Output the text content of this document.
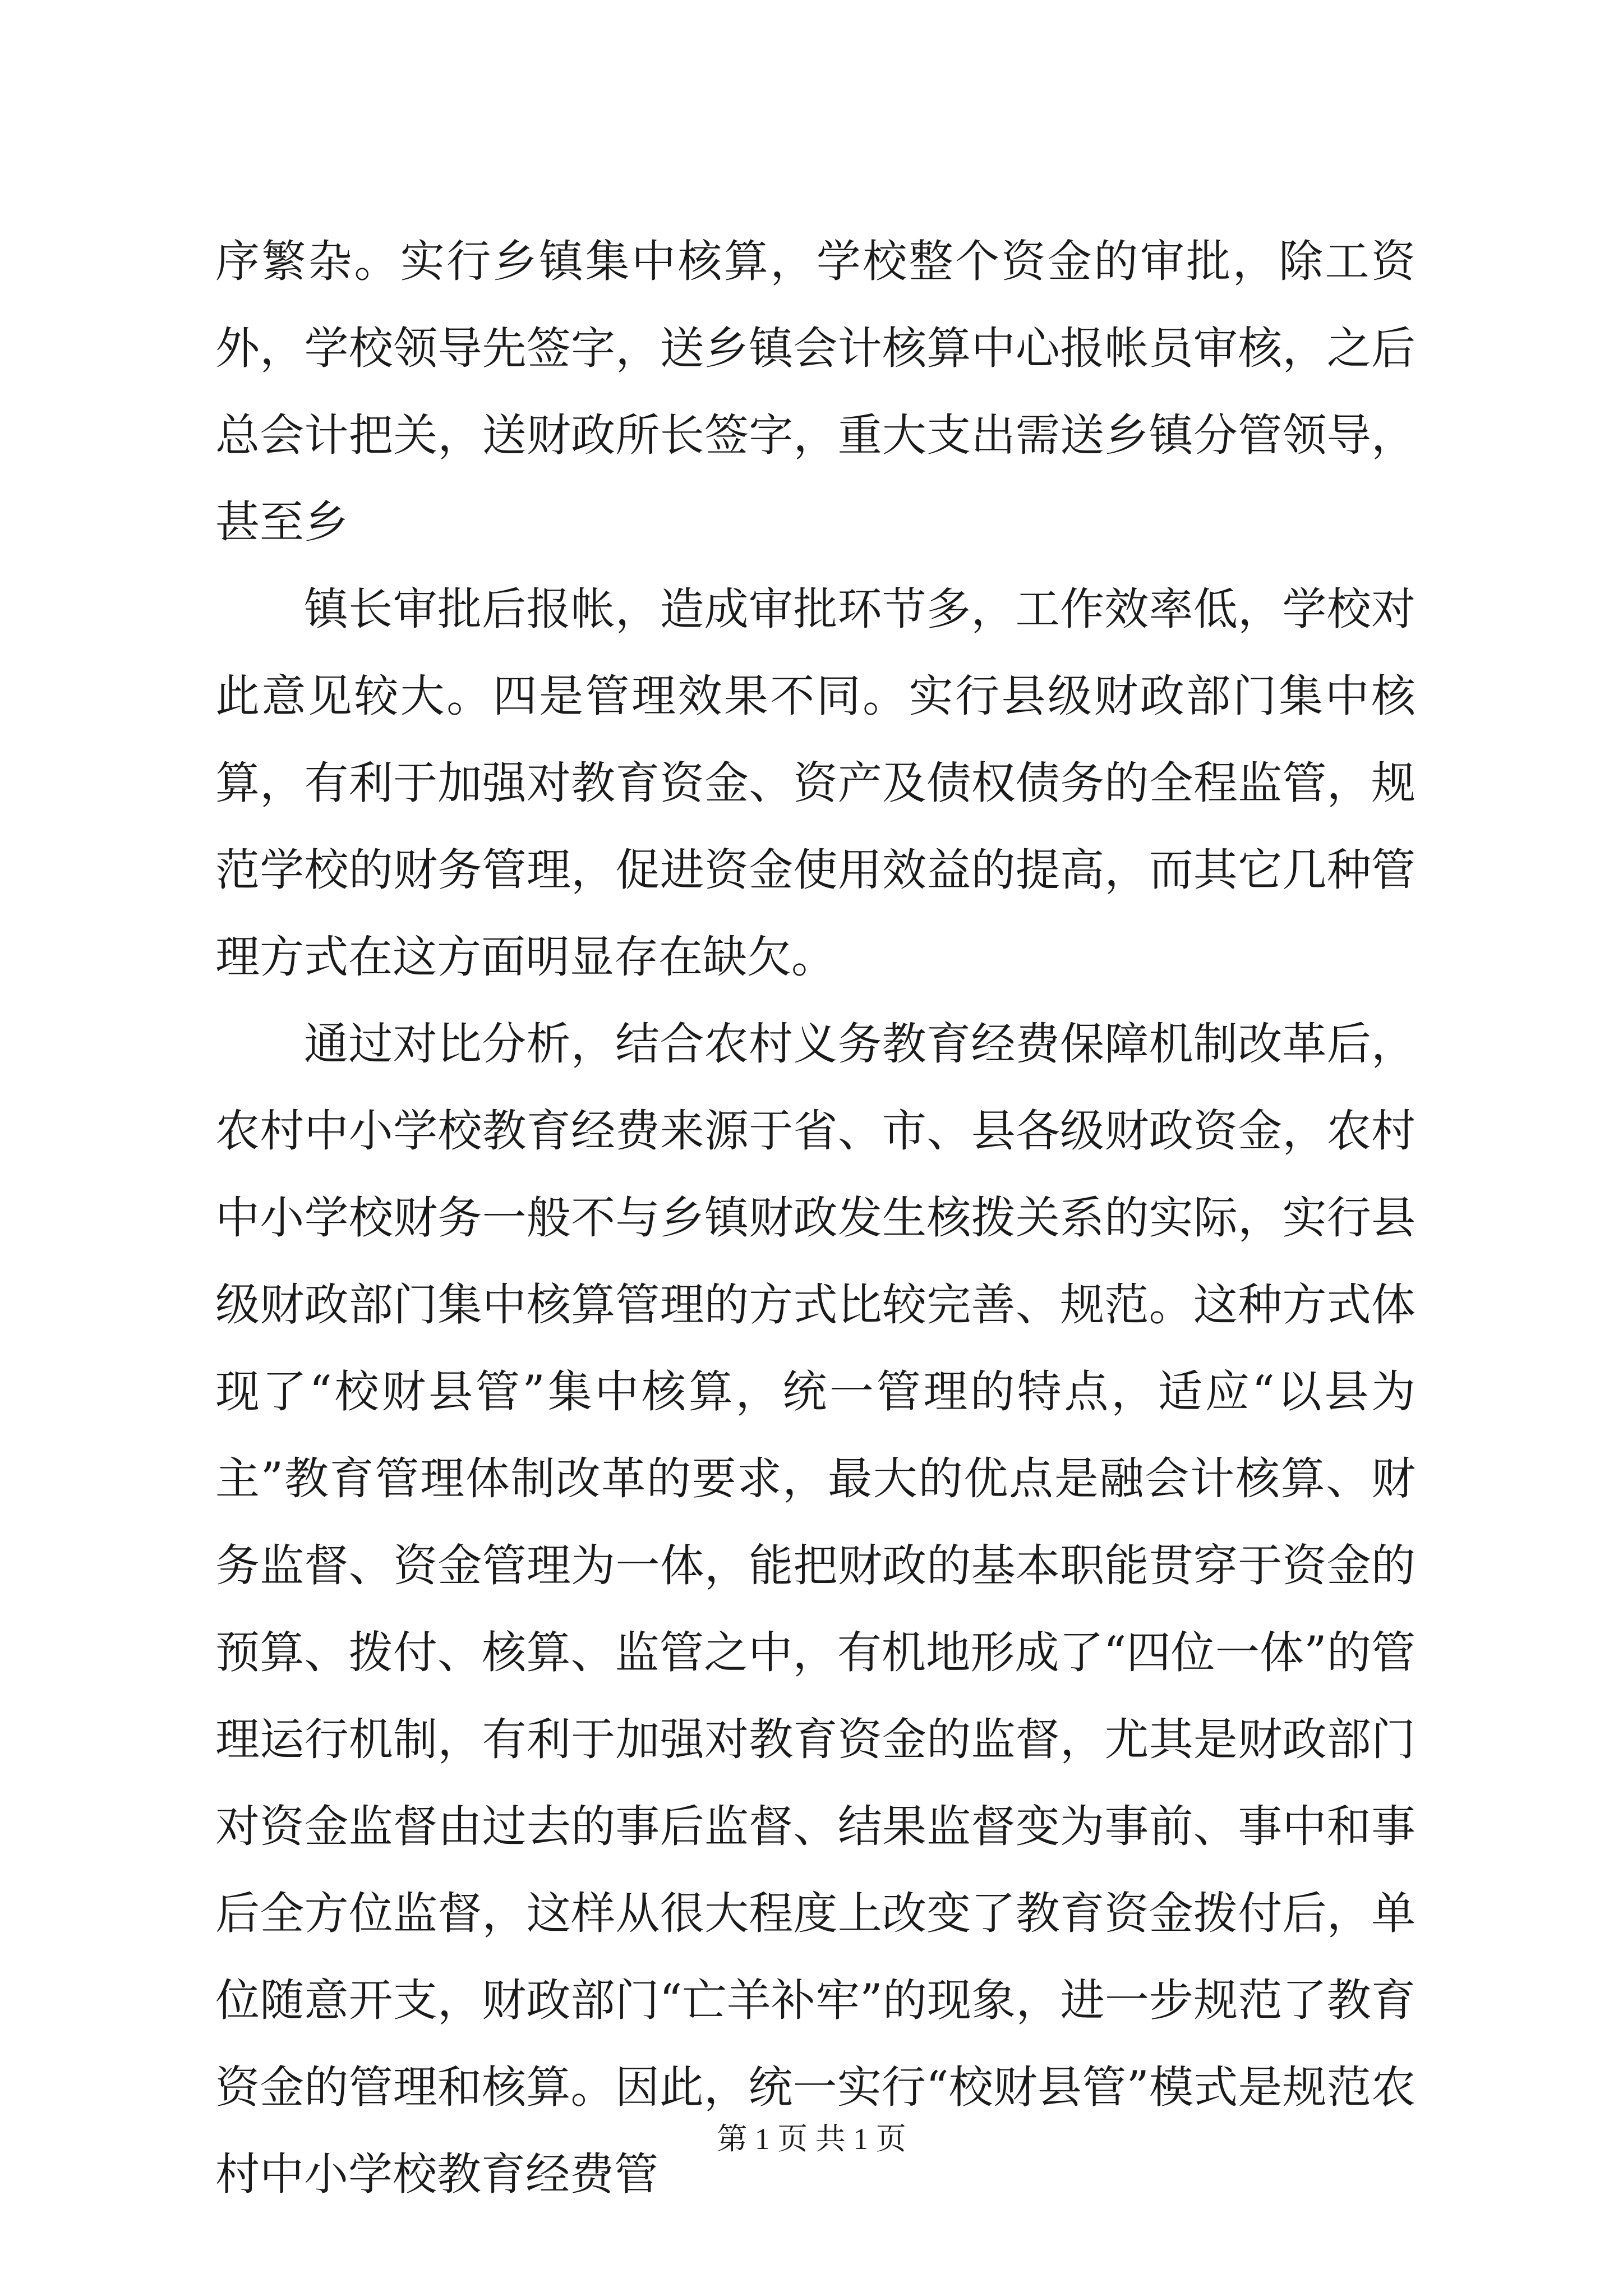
序繁杂。实行乡镇集中核算，学校整个资金的审批，除工资外，学校领导先签字，送乡镇会计核算中心报帐员审核，之后总会计把关，送财政所长签字，重大支出需送乡镇分管领导，甚至乡

镇长审批后报帐，造成审批环节多，工作效率低，学校对此意见较大。四是管理效果不同。实行县级财政部门集中核算，有利于加强对教育资金、资产及债权债务的全程监管，规范学校的财务管理，促进资金使用效益的提高，而其它几种管理方式在这方面明显存在缺欠。

通过对比分析，结合农村义务教育经费保障机制改革后，农村中小学校教育经费来源于省、市、县各级财政资金，农村中小学校财务一般不与乡镇财政发生核拨关系的实际，实行县级财政部门集中核算管理的方式比较完善、规范。这种方式体现了“校财县管”集中核算，统一管理的特点，适应“以县为主”教育管理体制改革的要求，最大的优点是融会计核算、财务监督、资金管理为一体，能把财政的基本职能贯穿于资金的预算、拨付、核算、监管之中，有机地形成了“四位一体”的管理运行机制，有利于加强对教育资金的监督，尤其是财政部门对资金监督由过去的事后监督、结果监督变为事前、事中和事后全方位监督，这样从很大程度上改变了教育资金拨付后，单位随意开支，财政部门“亡羊补牢”的现象，进一步规范了教育资金的管理和核算。因此，统一实行“校财县管”模式是规范农村中小学校教育经费管

第 1 页 共 1 页
